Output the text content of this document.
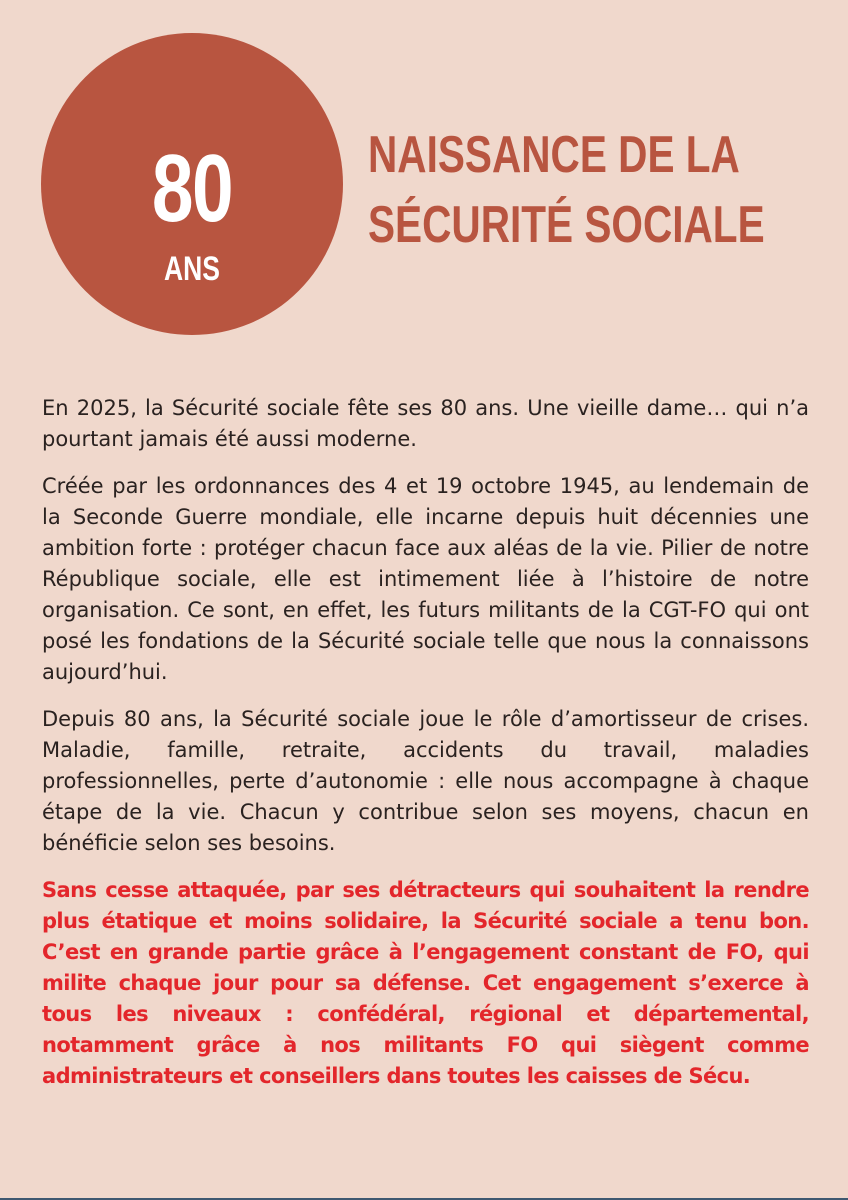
80
ANS
NAISSANCE DE LA
SÉCURITÉ SOCIALE

En 2025, la Sécurité sociale fête ses 80 ans. Une vieille dame… qui n’a pourtant jamais été aussi moderne.

Créée par les ordonnances des 4 et 19 octobre 1945, au lendemain de la Seconde Guerre mondiale, elle incarne depuis huit décennies une ambition forte : protéger chacun face aux aléas de la vie. Pilier de notre République sociale, elle est intimement liée à l’histoire de notre organisation. Ce sont, en effet, les futurs militants de la CGT-FO qui ont posé les fondations de la Sécurité sociale telle que nous la connaissons aujourd’hui.

Depuis 80 ans, la Sécurité sociale joue le rôle d’amortisseur de crises. Maladie, famille, retraite, accidents du travail, maladies professionnelles, perte d’autonomie : elle nous accompagne à chaque étape de la vie. Chacun y contribue selon ses moyens, chacun en bénéficie selon ses besoins.

Sans cesse attaquée, par ses détracteurs qui souhaitent la rendre plus étatique et moins solidaire, la Sécurité sociale a tenu bon. C’est en grande partie grâce à l’engagement constant de FO, qui milite chaque jour pour sa défense. Cet engagement s’exerce à tous les niveaux : confédéral, régional et départemental, notamment grâce à nos militants FO qui siègent comme administrateurs et conseillers dans toutes les caisses de Sécu.
